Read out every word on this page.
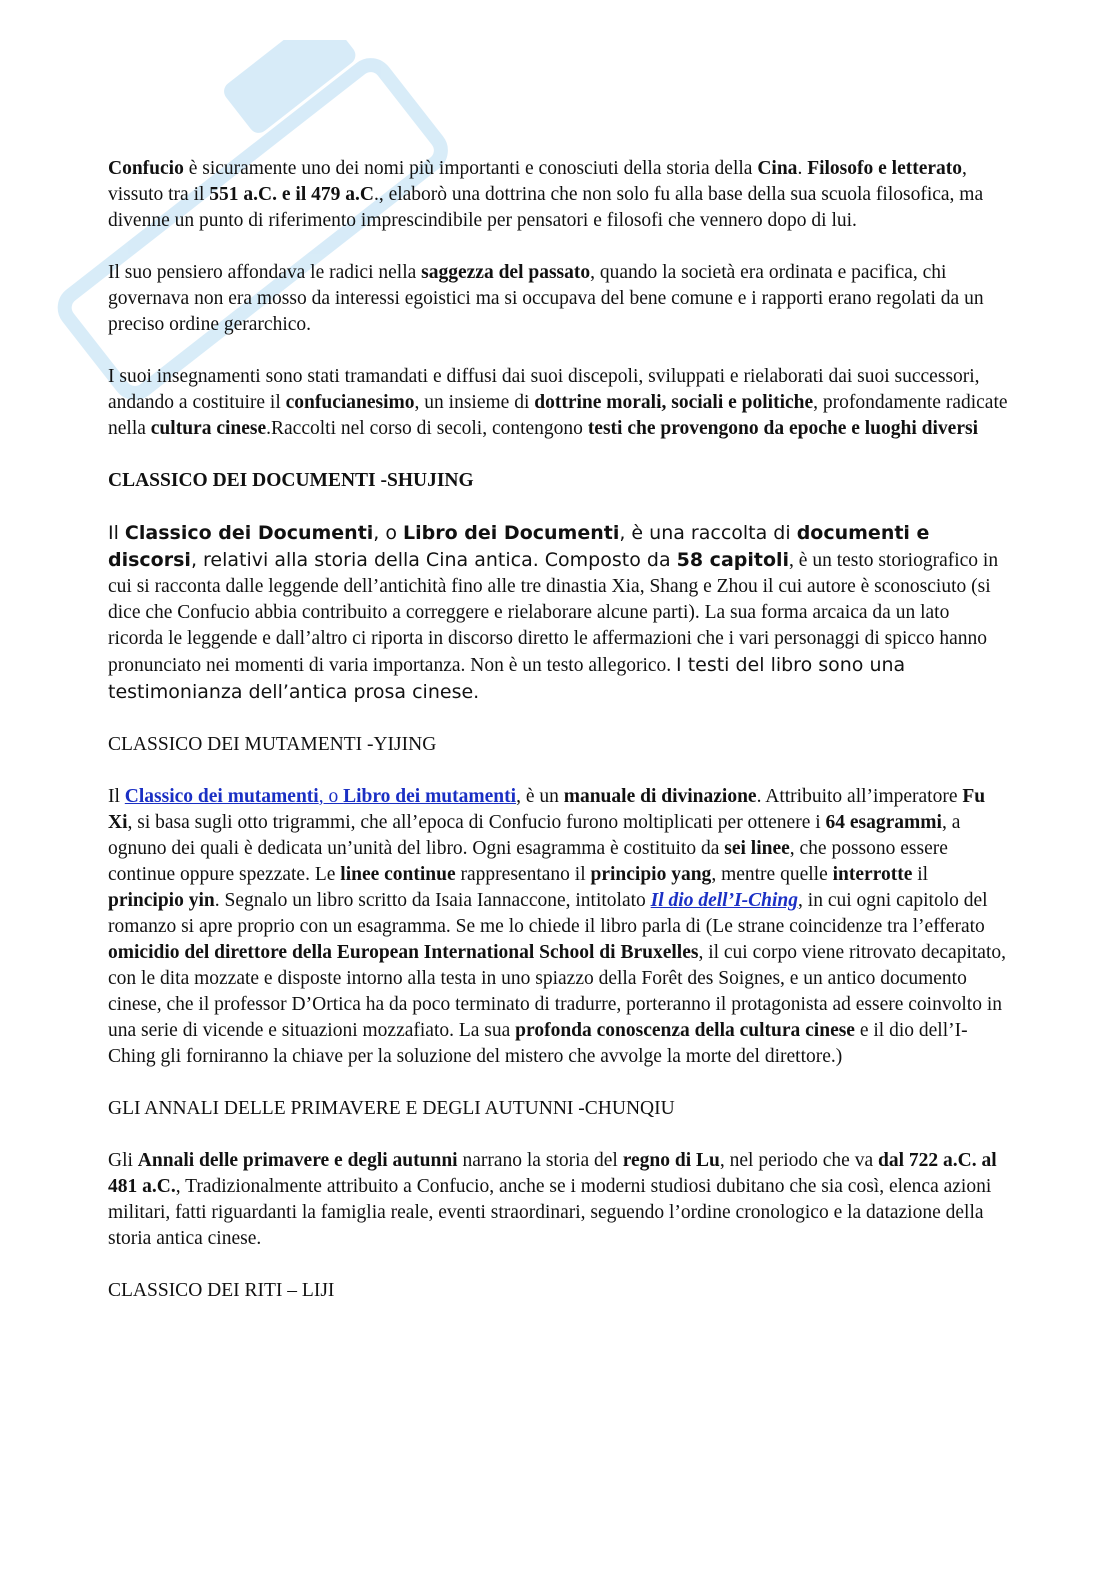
Confucio è sicuramente uno dei nomi più importanti e conosciuti della storia della Cina. Filosofo e letterato, vissuto tra il 551 a.C. e il 479 a.C., elaborò una dottrina che non solo fu alla base della sua scuola filosofica, ma divenne un punto di riferimento imprescindibile per pensatori e filosofi che vennero dopo di lui.

Il suo pensiero affondava le radici nella saggezza del passato, quando la società era ordinata e pacifica, chi governava non era mosso da interessi egoistici ma si occupava del bene comune e i rapporti erano regolati da un preciso ordine gerarchico.

I suoi insegnamenti sono stati tramandati e diffusi dai suoi discepoli, sviluppati e rielaborati dai suoi successori, andando a costituire il confucianesimo, un insieme di dottrine morali, sociali e politiche, profondamente radicate nella cultura cinese.Raccolti nel corso di secoli, contengono testi che provengono da epoche e luoghi diversi

CLASSICO DEI DOCUMENTI -SHUJING

Il Classico dei Documenti, o Libro dei Documenti, è una raccolta di documenti e discorsi, relativi alla storia della Cina antica. Composto da 58 capitoli, è un testo storiografico in cui si racconta dalle leggende dell’antichità fino alle tre dinastia Xia, Shang e Zhou il cui autore è sconosciuto (si dice che Confucio abbia contribuito a correggere e rielaborare alcune parti). La sua forma arcaica da un lato ricorda le leggende e dall’altro ci riporta in discorso diretto le affermazioni che i vari personaggi di spicco hanno pronunciato nei momenti di varia importanza. Non è un testo allegorico. I testi del libro sono una testimonianza dell’antica prosa cinese.

CLASSICO DEI MUTAMENTI -YIJING

Il Classico dei mutamenti, o Libro dei mutamenti, è un manuale di divinazione. Attribuito all’imperatore Fu Xi, si basa sugli otto trigrammi, che all’epoca di Confucio furono moltiplicati per ottenere i 64 esagrammi, a ognuno dei quali è dedicata un’unità del libro. Ogni esagramma è costituito da sei linee, che possono essere continue oppure spezzate. Le linee continue rappresentano il principio yang, mentre quelle interrotte il principio yin. Segnalo un libro scritto da Isaia Iannaccone, intitolato Il dio dell’I-Ching, in cui ogni capitolo del romanzo si apre proprio con un esagramma. Se me lo chiede il libro parla di (Le strane coincidenze tra l’efferato omicidio del direttore della European International School di Bruxelles, il cui corpo viene ritrovato decapitato, con le dita mozzate e disposte intorno alla testa in uno spiazzo della Forêt des Soignes, e un antico documento cinese, che il professor D’Ortica ha da poco terminato di tradurre, porteranno il protagonista ad essere coinvolto in una serie di vicende e situazioni mozzafiato. La sua profonda conoscenza della cultura cinese e il dio dell’I-Ching gli forniranno la chiave per la soluzione del mistero che avvolge la morte del direttore.)

GLI ANNALI DELLE PRIMAVERE E DEGLI AUTUNNI -CHUNQIU

Gli Annali delle primavere e degli autunni narrano la storia del regno di Lu, nel periodo che va dal 722 a.C. al 481 a.C., Tradizionalmente attribuito a Confucio, anche se i moderni studiosi dubitano che sia così, elenca azioni militari, fatti riguardanti la famiglia reale, eventi straordinari, seguendo l’ordine cronologico e la datazione della storia antica cinese.

CLASSICO DEI RITI – LIJI
